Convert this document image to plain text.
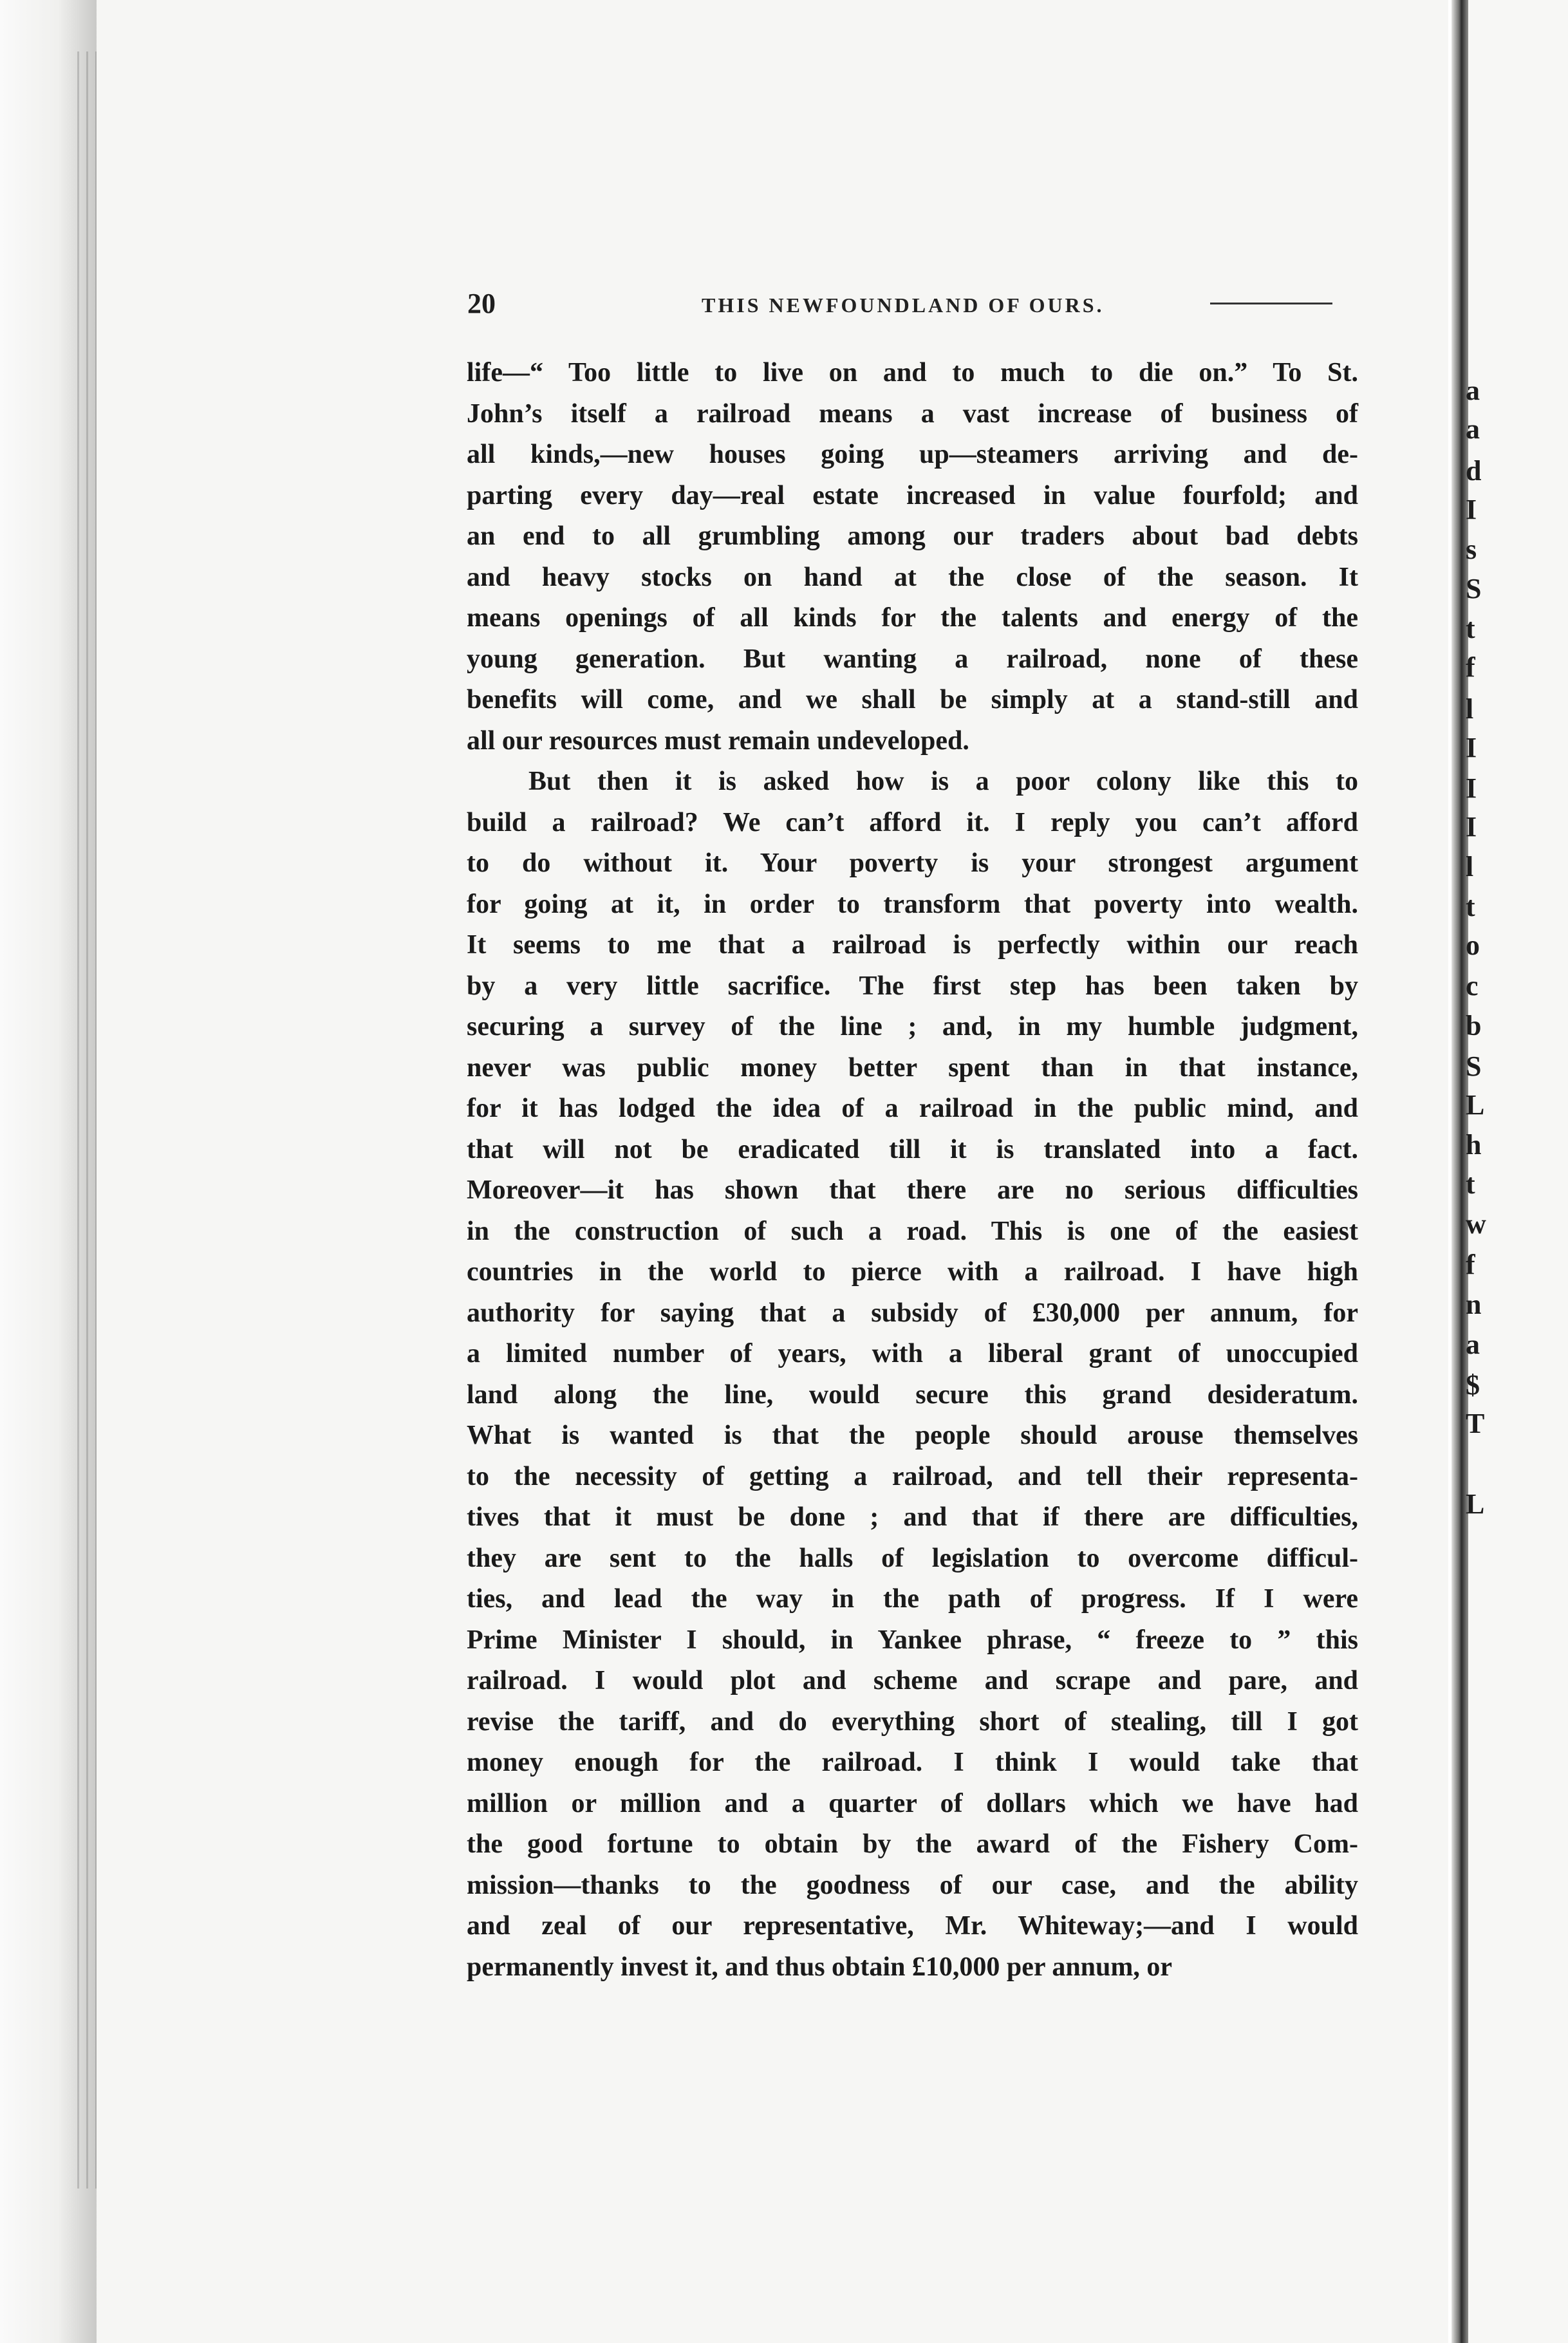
a

a

d

I

s

S

t

f

l

I

I

I

l

t

o

c

b

S

L

h

t

w

f

n

a

$

T

L

20	THIS NEWFOUNDLAND OF OURS.
life—“ Too little to live on and to much to die on.” To St.
John’s itself a railroad means a vast increase of business of
all kinds,—new houses going up—steamers arriving and de-
parting every day—real estate increased in value fourfold; and
an end to all grumbling among our traders about bad debts
and heavy stocks on hand at the close of the season. It
means openings of all kinds for the talents and energy of the
young generation. But wanting a railroad, none of these
benefits will come, and we shall be simply at a stand-still and
all our resources must remain undeveloped.
But then it is asked how is a poor colony like this to
build a railroad? We can’t afford it. I reply you can’t afford
to do without it. Your poverty is your strongest argument
for going at it, in order to transform that poverty into wealth.
It seems to me that a railroad is perfectly within our reach
by a very little sacrifice. The first step has been taken by
securing a survey of the line ; and, in my humble judgment,
never was public money better spent than in that instance,
for it has lodged the idea of a railroad in the public mind, and
that will not be eradicated till it is translated into a fact.
Moreover—it has shown that there are no serious difficulties
in the construction of such a road. This is one of the easiest
countries in the world to pierce with a railroad. I have high
authority for saying that a subsidy of £30,000 per annum, for
a limited number of years, with a liberal grant of unoccupied
land along the line, would secure this grand desideratum.
What is wanted is that the people should arouse themselves
to the necessity of getting a railroad, and tell their representa-
tives that it must be done ; and that if there are difficulties,
they are sent to the halls of legislation to overcome difficul-
ties, and lead the way in the path of progress. If I were
Prime Minister I should, in Yankee phrase, “ freeze to ” this
railroad. I would plot and scheme and scrape and pare, and
revise the tariff, and do everything short of stealing, till I got
money enough for the railroad. I think I would take that
million or million and a quarter of dollars which we have had
the good fortune to obtain by the award of the Fishery Com-
mission—thanks to the goodness of our case, and the ability
and zeal of our representative, Mr. Whiteway;—and I would
permanently invest it, and thus obtain £10,000 per annum, or
